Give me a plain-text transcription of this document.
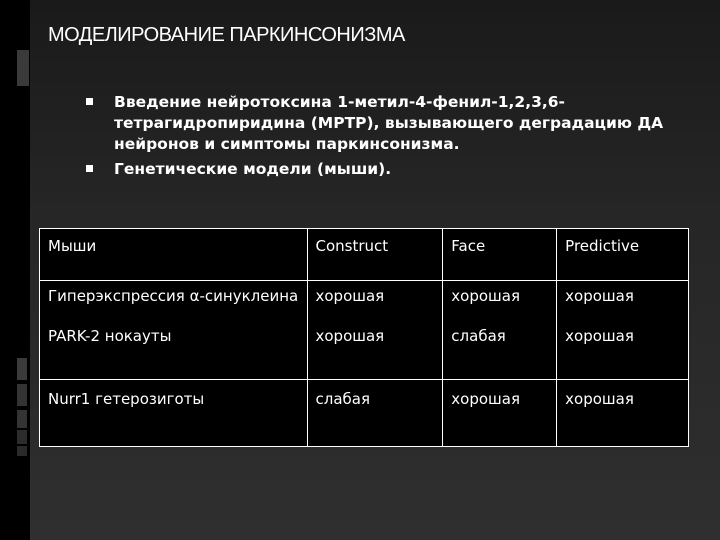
МОДЕЛИРОВАНИЕ ПАРКИНСОНИЗМА
Введение нейротоксина 1-метил-4-фенил-1,2,3,6-тетрагидропиридина (MPTP), вызывающего деградацию ДА нейронов и симптомы паркинсонизма.
Генетические модели (мыши).
Мыши	Construct	Face	Predictive
Гиперэкспрессия α-синуклеина	хорошая	хорошая	хорошая
PARK-2 нокауты	хорошая	слабая	хорошая
Nurr1 гетерозиготы	слабая	хорошая	хорошая
